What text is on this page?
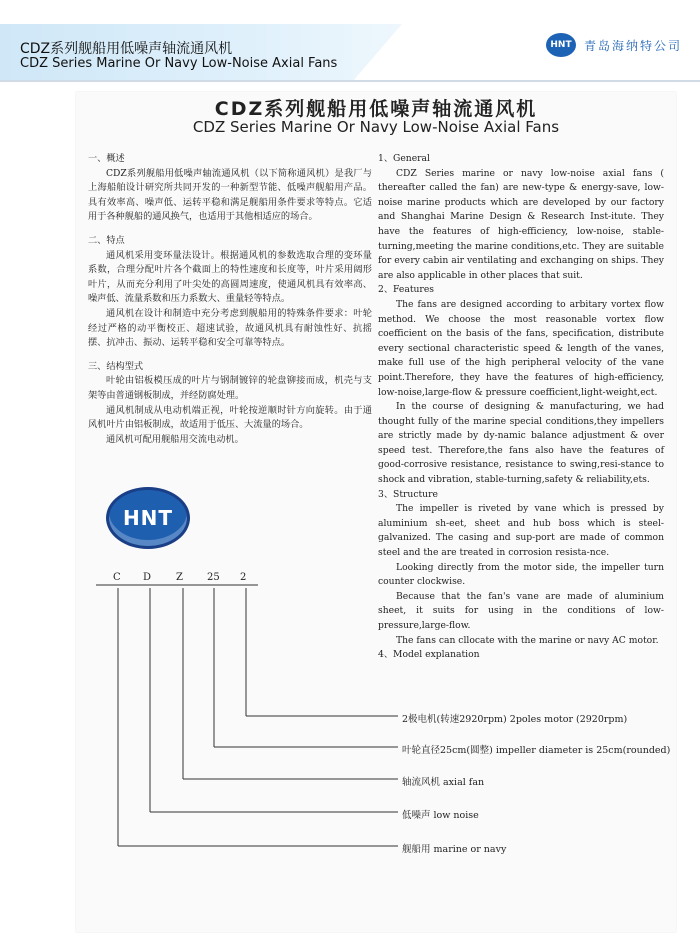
CDZ系列舰船用低噪声轴流通风机
CDZ Series Marine Or Navy Low-Noise Axial Fans
HNT	青岛海纳特公司
CDZ系列舰船用低噪声轴流通风机
CDZ Series Marine Or Navy Low-Noise Axial Fans

一、概述

CDZ系列舰船用低噪声轴流通风机（以下简称通风机）是我厂与上海船舶设计研究所共同开发的一种新型节能、低噪声舰船用产品。具有效率高、噪声低、运转平稳和满足舰船用条件要求等特点。它适用于各种舰船的通风换气，也适用于其他相适应的场合。

二、特点

通风机采用变环量法设计。根据通风机的参数选取合理的变环量系数，合理分配叶片各个截面上的特性速度和长度等，叶片采用阔形叶片，从而充分利用了叶尖处的高圆周速度，使通风机具有效率高、噪声低、流量系数和压力系数大、重量轻等特点。

通风机在设计和制造中充分考虑到舰船用的特殊条件要求：叶轮经过严格的动平衡校正、超速试验，故通风机具有耐蚀性好、抗摇摆、抗冲击、振动、运转平稳和安全可靠等特点。

三、结构型式

叶轮由铝板模压成的叶片与钢制镀锌的轮盘铆接而成，机壳与支架等由普通钢板制成，并经防腐处理。

通风机制成从电动机端正视，叶轮按逆顺时针方向旋转。由于通风机叶片由铝板制成，故适用于低压、大流量的场合。

通风机可配用舰船用交流电动机。

1、General

CDZ Series marine or navy low-noise axial fans ( thereafter called the fan) are new-type & energy-save, low-noise marine products which are developed by our factory and Shanghai Marine Design & Research Inst-itute. They have the features of high-efficiency, low-noise, stable-turning,meeting the marine conditions,etc. They are suitable for every cabin air ventilating and exchanging on ships. They are also applicable in other places that suit.

2、Features

The fans are designed according to arbitary vortex flow method. We choose the most reasonable vortex flow coefficient on the basis of the fans, specification, distribute every sectional characteristic speed & length of the vanes, make full use of the high peripheral velocity of the vane point.Therefore, they have the features of high-efficiency, low-noise,large-flow & pressure coefficient,light-weight,ect.

In the course of designing & manufacturing, we had thought fully of the marine special conditions,they impellers are strictly made by dy-namic balance adjustment & over speed test. Therefore,the fans also have the features of good-corrosive resistance, resistance to swing,resi-stance to shock and vibration, stable-turning,safety & reliability,ets.

3、Structure

The impeller is riveted by vane which is pressed by aluminium sh-eet, sheet and hub boss which is steel-galvanized. The casing and sup-port are made of common steel and the are treated in corrosion resista-nce.

Looking directly from the motor side, the impeller turn counter clockwise.

Because that the fan's vane are made of aluminium sheet, it suits for using in the conditions of low-pressure,large-flow.

The fans can cllocate with the marine or navy AC motor.

4、Model explanation

HNT
C D Z 25 2
2极电机(转速2920rpm) 2poles motor (2920rpm)
叶轮直径25cm(圆整) impeller diameter is 25cm(rounded)
轴流风机 axial fan
低噪声 low noise
舰船用 marine or navy
